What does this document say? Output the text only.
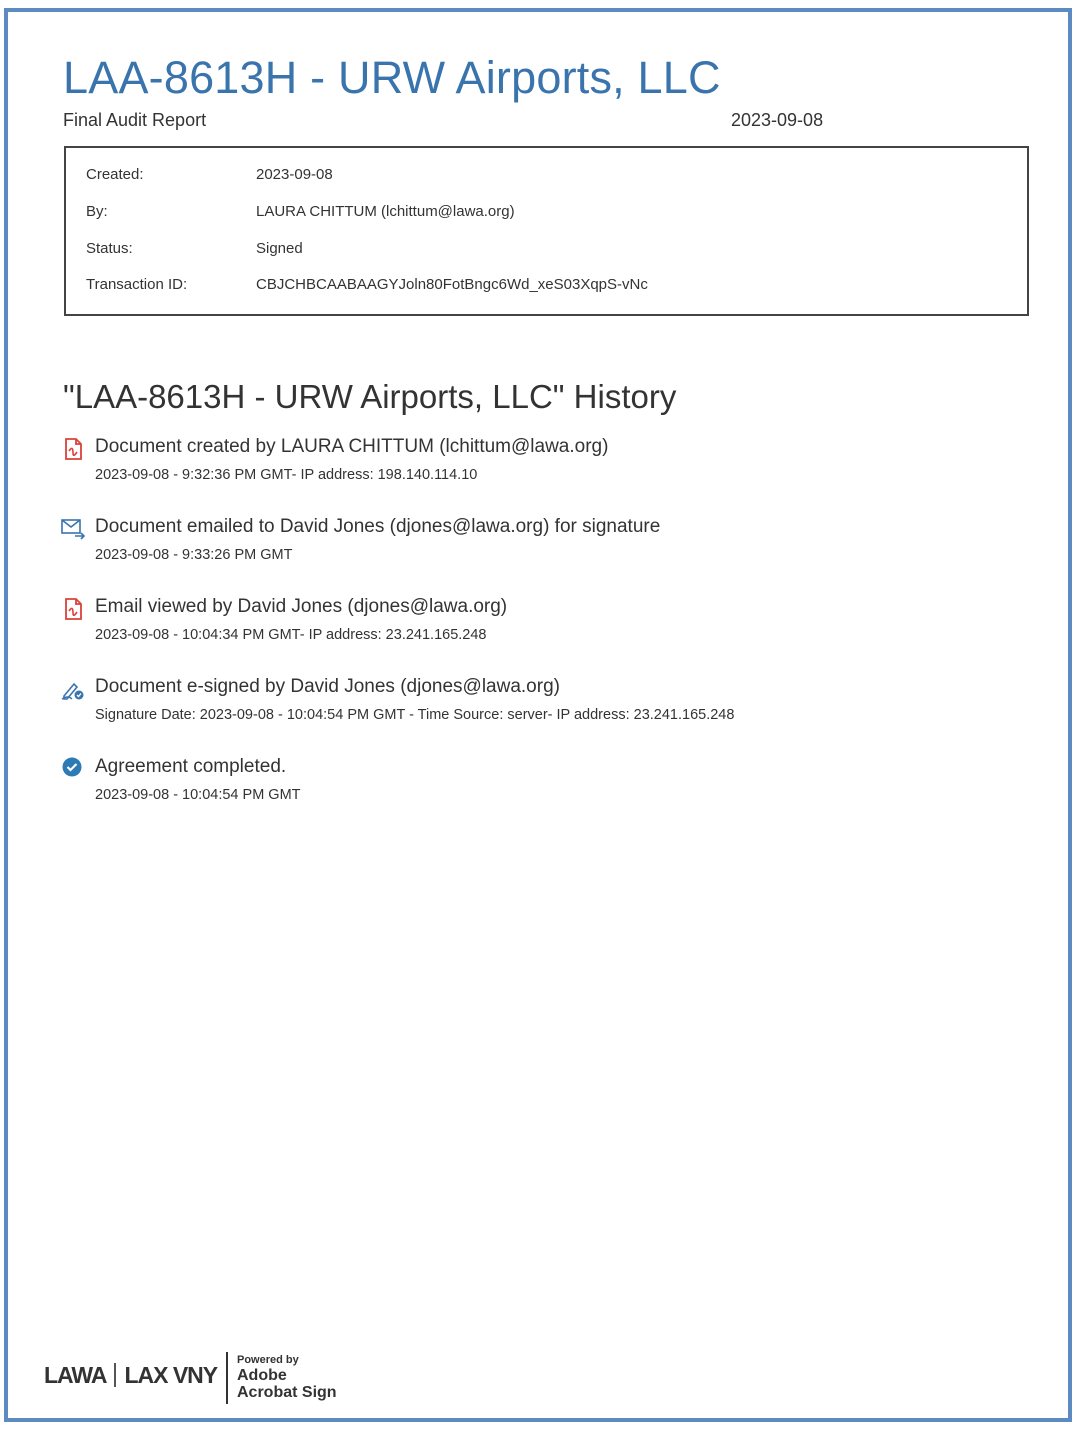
LAA-8613H - URW Airports, LLC
Final Audit Report	2023-09-08
Created:	2023-09-08
By:	LAURA CHITTUM (lchittum@lawa.org)
Status:	Signed
Transaction ID:	CBJCHBCAABAAGYJoln80FotBngc6Wd_xeS03XqpS-vNc
"LAA-8613H - URW Airports, LLC" History
Document created by LAURA CHITTUM (lchittum@lawa.org)
2023-09-08 - 9:32:36 PM GMT- IP address: 198.140.114.10
Document emailed to David Jones (djones@lawa.org) for signature
2023-09-08 - 9:33:26 PM GMT
Email viewed by David Jones (djones@lawa.org)
2023-09-08 - 10:04:34 PM GMT- IP address: 23.241.165.248
Document e-signed by David Jones (djones@lawa.org)
Signature Date: 2023-09-08 - 10:04:54 PM GMT - Time Source: server- IP address: 23.241.165.248
Agreement completed.
2023-09-08 - 10:04:54 PM GMT
LAWA LAX VNY
Powered by
Adobe
Acrobat Sign
